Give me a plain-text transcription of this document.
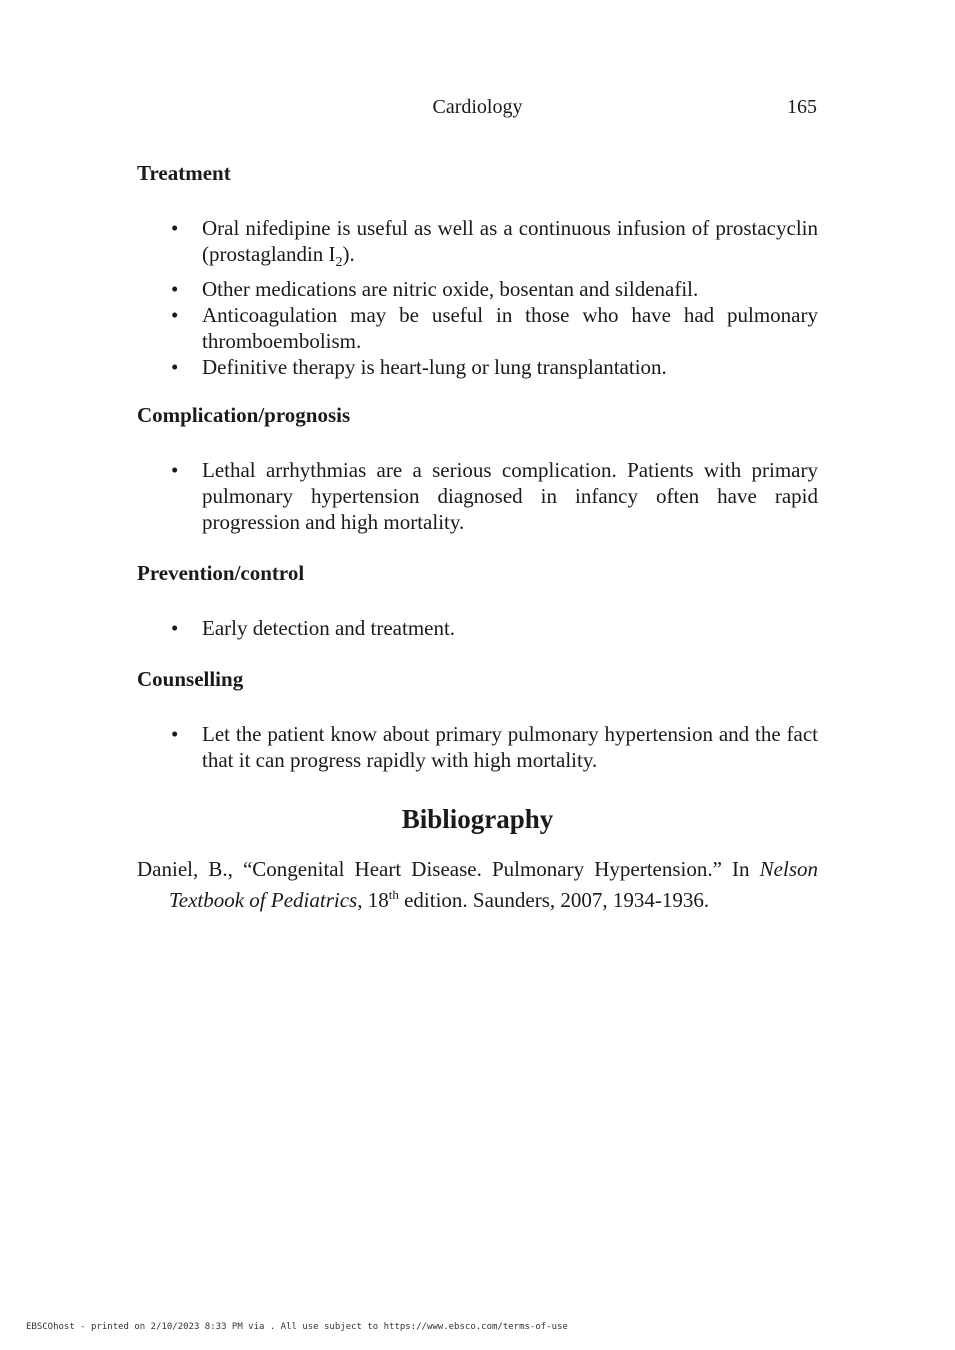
Cardiology	165
Treatment
• Oral nifedipine is useful as well as a continuous infusion of prostacyclin (prostaglandin $I_2$).
• Other medications are nitric oxide, bosentan and sildenafil.
• Anticoagulation may be useful in those who have had pulmonary thromboembolism.
• Definitive therapy is heart-lung or lung transplantation.
Complication/prognosis
• Lethal arrhythmias are a serious complication. Patients with primary pulmonary hypertension diagnosed in infancy often have rapid progression and high mortality.
Prevention/control
• Early detection and treatment.
Counselling
• Let the patient know about primary pulmonary hypertension and the fact that it can progress rapidly with high mortality.
Bibliography
Daniel, B., “Congenital Heart Disease. Pulmonary Hypertension.” In Nelson Textbook of Pediatrics, 18th edition. Saunders, 2007, 1934-1936.
EBSCOhost - printed on 2/10/2023 8:33 PM via . All use subject to https://www.ebsco.com/terms-of-use
